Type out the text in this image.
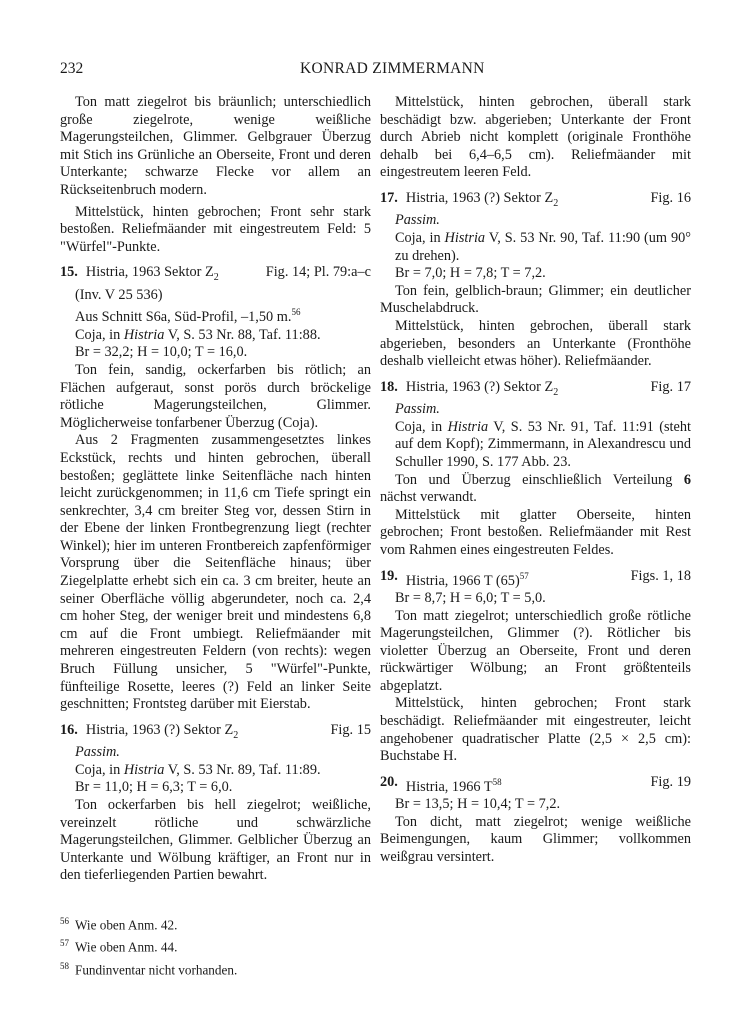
232	KONRAD ZIMMERMANN

Ton matt ziegelrot bis bräunlich; unterschiedlich große ziegelrote, wenige weißliche Magerungsteilchen, Glimmer. Gelbgrauer Überzug mit Stich ins Grünliche an Oberseite, Front und deren Unterkante; schwarze Flecke vor allem an Rückseitenbruch modern.

Mittelstück, hinten gebrochen; Front sehr stark bestoßen. Reliefmäander mit eingestreutem Feld: 5 "Würfel"-Punkte.

15. Histria, 1963 Sektor $Z_2$	Fig. 14; Pl. 79:a–c

(Inv. V 25 536)

Aus Schnitt S6a, Süd-Profil, –1,50 m.$^{56}$

Coja, in Histria V, S. 53 Nr. 88, Taf. 11:88.

Br = 32,2; H = 10,0; T = 16,0.

Ton fein, sandig, ockerfarben bis rötlich; an Flächen aufgeraut, sonst porös durch bröckelige rötliche Magerungsteilchen, Glimmer. Möglicherweise tonfarbener Überzug (Coja).

Aus 2 Fragmenten zusammengesetztes linkes Eckstück, rechts und hinten gebrochen, überall bestoßen; geglättete linke Seitenfläche nach hinten leicht zurückgenommen; in 11,6 cm Tiefe springt ein senkrechter, 3,4 cm breiter Steg vor, dessen Stirn in der Ebene der linken Frontbegrenzung liegt (rechter Winkel); hier im unteren Frontbereich zapfenförmiger Vorsprung über die Seitenfläche hinaus; über Ziegelplatte erhebt sich ein ca. 3 cm breiter, heute an seiner Oberfläche völlig abgerundeter, noch ca. 2,4 cm hoher Steg, der weniger breit und mindestens 6,8 cm auf die Front umbiegt. Reliefmäander mit mehreren eingestreuten Feldern (von rechts): wegen Bruch Füllung unsicher, 5 "Würfel"-Punkte, fünfteilige Rosette, leeres (?) Feld an linker Seite geschnitten; Frontsteg darüber mit Eierstab.

16. Histria, 1963 (?) Sektor $Z_2$	Fig. 15

Passim.

Coja, in Histria V, S. 53 Nr. 89, Taf. 11:89.

Br = 11,0; H = 6,3; T = 6,0.

Ton ockerfarben bis hell ziegelrot; weißliche, vereinzelt rötliche und schwärzliche Magerungsteilchen, Glimmer. Gelblicher Überzug an Unterkante und Wölbung kräftiger, an Front nur in den tieferliegenden Partien bewahrt.

Mittelstück, hinten gebrochen, überall stark beschädigt bzw. abgerieben; Unterkante der Front durch Abrieb nicht komplett (originale Fronthöhe dehalb bei 6,4–6,5 cm). Reliefmäander mit eingestreutem leeren Feld.

17. Histria, 1963 (?) Sektor $Z_2$	Fig. 16

Passim.

Coja, in Histria V, S. 53 Nr. 90, Taf. 11:90 (um 90° zu drehen).

Br = 7,0; H = 7,8; T = 7,2.

Ton fein, gelblich-braun; Glimmer; ein deutlicher Muschelabdruck.

Mittelstück, hinten gebrochen, überall stark abgerieben, besonders an Unterkante (Fronthöhe deshalb vielleicht etwas höher). Reliefmäander.

18. Histria, 1963 (?) Sektor $Z_2$	Fig. 17

Passim.

Coja, in Histria V, S. 53 Nr. 91, Taf. 11:91 (steht auf dem Kopf); Zimmermann, in Alexandrescu und Schuller 1990, S. 177 Abb. 23.

Ton und Überzug einschließlich Verteilung 6 nächst verwandt.

Mittelstück mit glatter Oberseite, hinten gebrochen; Front bestoßen. Reliefmäander mit Rest vom Rahmen eines eingestreuten Feldes.

19. Histria, 1966 T $(65)^{57}$	Figs. 1, 18

Br = 8,7; H = 6,0; T = 5,0.

Ton matt ziegelrot; unterschiedlich große rötliche Magerungsteilchen, Glimmer (?). Rötlicher bis violetter Überzug an Oberseite, Front und deren rückwärtiger Wölbung; an Front größtenteils abgeplatzt.

Mittelstück, hinten gebrochen; Front stark beschädigt. Reliefmäander mit eingestreuter, leicht angehobener quadratischer Platte (2,5 × 2,5 cm): Buchstabe H.

20. Histria, 1966 $T^{58}$	Fig. 19

Br = 13,5; H = 10,4; T = 7,2.

Ton dicht, matt ziegelrot; wenige weißliche Beimengungen, kaum Glimmer; vollkommen weißgrau versintert.

$^{56}$ Wie oben Anm. 42.
$^{57}$ Wie oben Anm. 44.
$^{58}$ Fundinventar nicht vorhanden.
